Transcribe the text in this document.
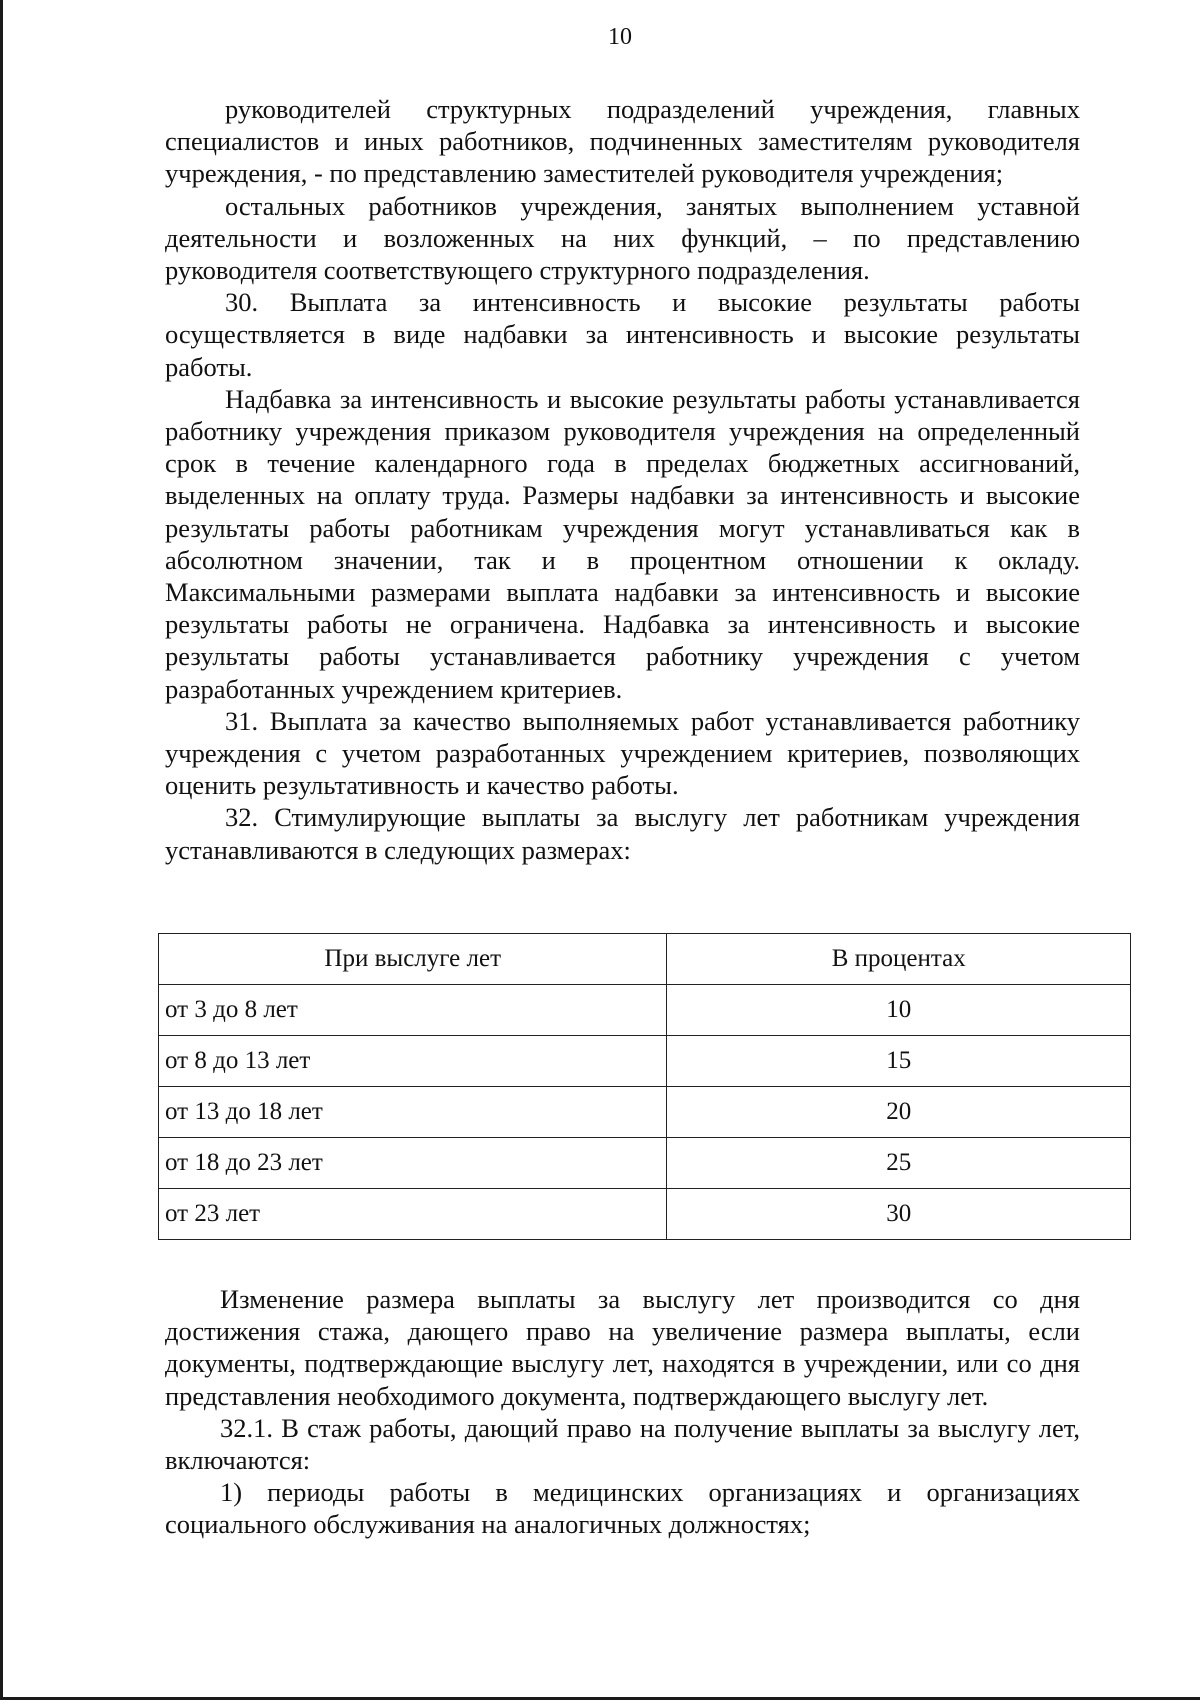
10

руководителей структурных подразделений учреждения, главных специалистов и иных работников, подчиненных заместителям руководителя учреждения, - по представлению заместителей руководителя учреждения;

остальных работников учреждения, занятых выполнением уставной деятельности и возложенных на них функций, – по представлению руководителя соответствующего структурного подразделения.

30. Выплата за интенсивность и высокие результаты работы осуществляется в виде надбавки за интенсивность и высокие результаты работы.

Надбавка за интенсивность и высокие результаты работы устанавливается работнику учреждения приказом руководителя учреждения на определенный срок в течение календарного года в пределах бюджетных ассигнований, выделенных на оплату труда. Размеры надбавки за интенсивность и высокие результаты работы работникам учреждения могут устанавливаться как в абсолютном значении, так и в процентном отношении к окладу. Максимальными размерами выплата надбавки за интенсивность и высокие результаты работы не ограничена. Надбавка за интенсивность и высокие результаты работы устанавливается работнику учреждения с учетом разработанных учреждением критериев.

31. Выплата за качество выполняемых работ устанавливается работнику учреждения с учетом разработанных учреждением критериев, позволяющих оценить результативность и качество работы.

32. Стимулирующие выплаты за выслугу лет работникам учреждения устанавливаются в следующих размерах:

При выслуге лет	В процентах
от 3 до 8 лет	10
от 8 до 13 лет	15
от 13 до 18 лет	20
от 18 до 23 лет	25
от 23 лет	30

Изменение размера выплаты за выслугу лет производится со дня достижения стажа, дающего право на увеличение размера выплаты, если документы, подтверждающие выслугу лет, находятся в учреждении, или со дня представления необходимого документа, подтверждающего выслугу лет.

32.1. В стаж работы, дающий право на получение выплаты за выслугу лет, включаются:

1) периоды работы в медицинских организациях и организациях социального обслуживания на аналогичных должностях;
